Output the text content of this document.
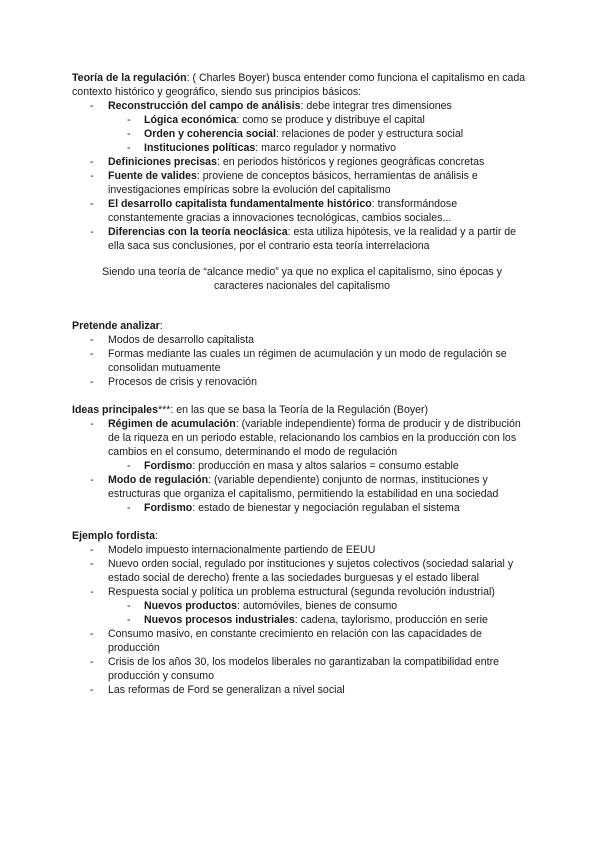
Teoría de la regulación: ( Charles Boyer) busca entender como funciona el capitalismo en cada contexto histórico y geográfico, siendo sus principios básicos:

- Reconstrucción del campo de análisis: debe integrar tres dimensiones
- Lógica económica: como se produce y distribuye el capital
- Orden y coherencia social: relaciones de poder y estructura social
- Instituciones políticas: marco regulador y normativo
- Definiciones precisas: en periodos históricos y regiones geográficas concretas
- Fuente de valides: proviene de conceptos básicos, herramientas de análisis e investigaciones empíricas sobre la evolución del capitalismo
- El desarrollo capitalista fundamentalmente histórico: transformándose constantemente gracias a innovaciones tecnológicas, cambios sociales...
- Diferencias con la teoría neoclásica: esta utiliza hipótesis, ve la realidad y a partir de ella saca sus conclusiones, por el contrario esta teoría interrelaciona

Siendo una teoría de “alcance medio” ya que no explica el capitalismo, sino épocas y caracteres nacionales del capitalismo

Pretende analizar:

- Modos de desarrollo capitalista
- Formas mediante las cuales un régimen de acumulación y un modo de regulación se consolidan mutuamente
- Procesos de crisis y renovación

Ideas principales***: en las que se basa la Teoría de la Regulación (Boyer)

- Régimen de acumulación: (variable independiente) forma de producir y de distribución de la riqueza en un periodo estable, relacionando los cambios en la producción con los cambios en el consumo, determinando el modo de regulación
- Fordismo: producción en masa y altos salarios = consumo estable
- Modo de regulación: (variable dependiente) conjunto de normas, instituciones y estructuras que organiza el capitalismo, permitiendo la estabilidad en una sociedad
- Fordismo: estado de bienestar y negociación regulaban el sistema

Ejemplo fordista:

- Modelo impuesto internacionalmente partiendo de EEUU
- Nuevo orden social, regulado por instituciones y sujetos colectivos (sociedad salarial y estado social de derecho) frente a las sociedades burguesas y el estado liberal
- Respuesta social y política un problema estructural (segunda revolución industrial)
- Nuevos productos: automóviles, bienes de consumo
- Nuevos procesos industriales: cadena, taylorismo, producción en serie
- Consumo masivo, en constante crecimiento en relación con las capacidades de producción
- Crisis de los años 30, los modelos liberales no garantizaban la compatibilidad entre producción y consumo
- Las reformas de Ford se generalizan a nivel social
